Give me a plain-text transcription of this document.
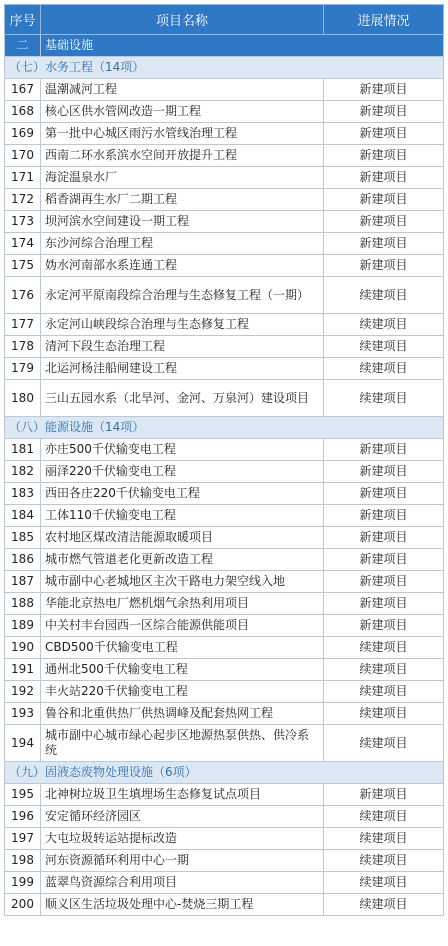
序号	项目名称	进展情况
二	基础设施	
（七）水务工程（14项）		
167	温潮减河工程	新建项目
168	核心区供水管网改造一期工程	新建项目
169	第一批中心城区雨污水管线治理工程	新建项目
170	西南二环水系滨水空间开放提升工程	新建项目
171	海淀温泉水厂	新建项目
172	稻香湖再生水厂二期工程	新建项目
173	坝河滨水空间建设一期工程	新建项目
174	东沙河综合治理工程	新建项目
175	妫水河南部水系连通工程	新建项目
176	永定河平原南段综合治理与生态修复工程（一期）	续建项目
177	永定河山峡段综合治理与生态修复工程	续建项目
178	清河下段生态治理工程	续建项目
179	北运河杨洼船闸建设工程	续建项目
180	三山五园水系（北旱河、金河、万泉河）建设项目	续建项目
（八）能源设施（14项）		
181	亦庄500千伏输变电工程	新建项目
182	丽泽220千伏输变电工程	新建项目
183	西田各庄220千伏输变电工程	新建项目
184	工体110千伏输变电工程	新建项目
185	农村地区煤改清洁能源取暖项目	新建项目
186	城市燃气管道老化更新改造工程	新建项目
187	城市副中心老城地区主次干路电力架空线入地	新建项目
188	华能北京热电厂燃机烟气余热利用项目	新建项目
189	中关村丰台园西一区综合能源供能项目	新建项目
190	CBD500千伏输变电工程	续建项目
191	通州北500千伏输变电工程	续建项目
192	丰火站220千伏输变电工程	续建项目
193	鲁谷和北重供热厂供热调峰及配套热网工程	续建项目
194	城市副中心城市绿心起步区地源热泵供热、供冷系统	续建项目
（九）固液态废物处理设施（6项）		
195	北神树垃圾卫生填埋场生态修复试点项目	新建项目
196	安定循环经济园区	续建项目
197	大屯垃圾转运站提标改造	续建项目
198	河东资源循环利用中心一期	续建项目
199	蓝翠鸟资源综合利用项目	续建项目
200	顺义区生活垃圾处理中心-焚烧三期工程	续建项目
